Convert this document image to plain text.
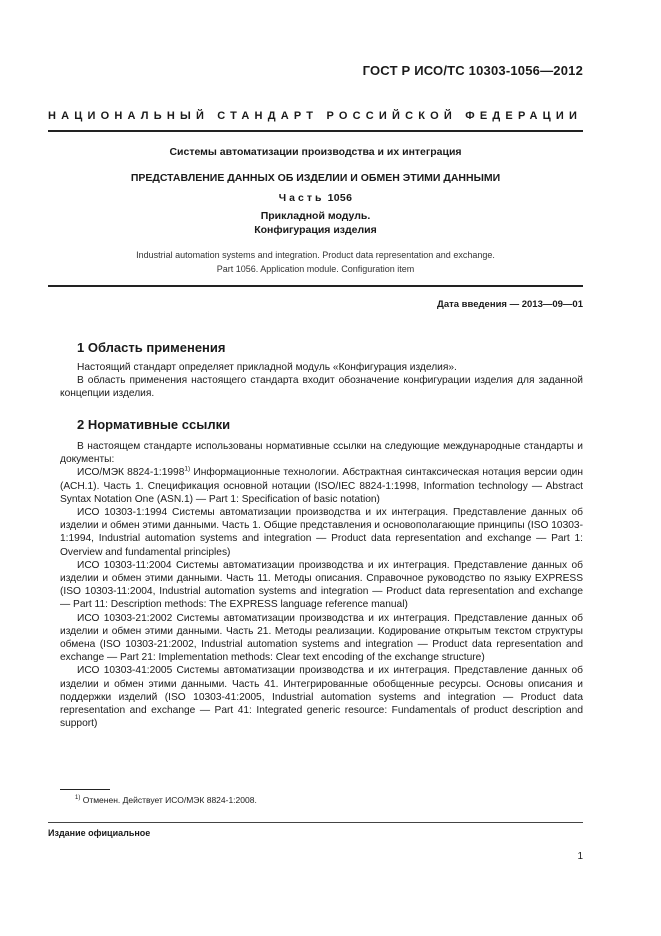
ГОСТ Р ИСО/ТС 10303-1056—2012
НАЦИОНАЛЬНЫЙ СТАНДАРТ РОССИЙСКОЙ ФЕДЕРАЦИИ
Системы автоматизации производства и их интеграция
ПРЕДСТАВЛЕНИЕ ДАННЫХ ОБ ИЗДЕЛИИ И ОБМЕН ЭТИМИ ДАННЫМИ
Часть 1056
Прикладной модуль.
Конфигурация изделия
Industrial automation systems and integration. Product data representation and exchange.
Part 1056. Application module. Configuration item
Дата введения — 2013—09—01
1 Область применения

Настоящий стандарт определяет прикладной модуль «Конфигурация изделия».

В область применения настоящего стандарта входит обозначение конфигурации изделия для заданной концепции изделия.

2 Нормативные ссылки

В настоящем стандарте использованы нормативные ссылки на следующие международные стандарты и документы:

ИСО/МЭК 8824-1:1998$^{1)}$ Информационные технологии. Абстрактная синтаксическая нотация версии один (АСН.1). Часть 1. Спецификация основной нотации (ISO/IEC 8824-1:1998, Information technology — Abstract Syntax Notation One (ASN.1) — Part 1: Specification of basic notation)

ИСО 10303-1:1994 Системы автоматизации производства и их интеграция. Представление данных об изделии и обмен этими данными. Часть 1. Общие представления и основополагающие принципы (ISO 10303-1:1994, Industrial automation systems and integration — Product data representation and exchange — Part 1: Overview and fundamental principles)

ИСО 10303-11:2004 Системы автоматизации производства и их интеграция. Представление данных об изделии и обмен этими данными. Часть 11. Методы описания. Справочное руководство по языку EXPRESS (ISO 10303-11:2004, Industrial automation systems and integration — Product data representation and exchange — Part 11: Description methods: The EXPRESS language reference manual)

ИСО 10303-21:2002 Системы автоматизации производства и их интеграция. Представление данных об изделии и обмен этими данными. Часть 21. Методы реализации. Кодирование открытым текстом структуры обмена (ISO 10303-21:2002, Industrial automation systems and integration — Product data representation and exchange — Part 21: Implementation methods: Clear text encoding of the exchange structure)

ИСО 10303-41:2005 Системы автоматизации производства и их интеграция. Представление данных об изделии и обмен этими данными. Часть 41. Интегрированные обобщенные ресурсы. Основы описания и поддержки изделий (ISO 10303-41:2005, Industrial automation systems and integration — Product data representation and exchange — Part 41: Integrated generic resource: Fundamentals of product description and support)

$^{1)}$ Отменен. Действует ИСО/МЭК 8824-1:2008.
Издание официальное
1
